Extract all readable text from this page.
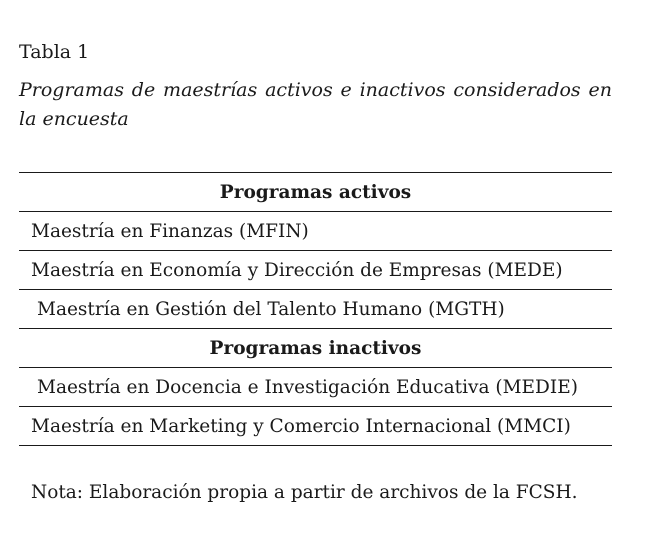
Tabla 1
Programas de maestrías activos e inactivos considerados en la encuesta
Programas activos
Maestría en Finanzas (MFIN)
Maestría en Economía y Dirección de Empresas (MEDE)
Maestría en Gestión del Talento Humano (MGTH)
Programas inactivos
Maestría en Docencia e Investigación Educativa (MEDIE)
Maestría en Marketing y Comercio Internacional (MMCI)
Nota: Elaboración propia a partir de archivos de la FCSH.
